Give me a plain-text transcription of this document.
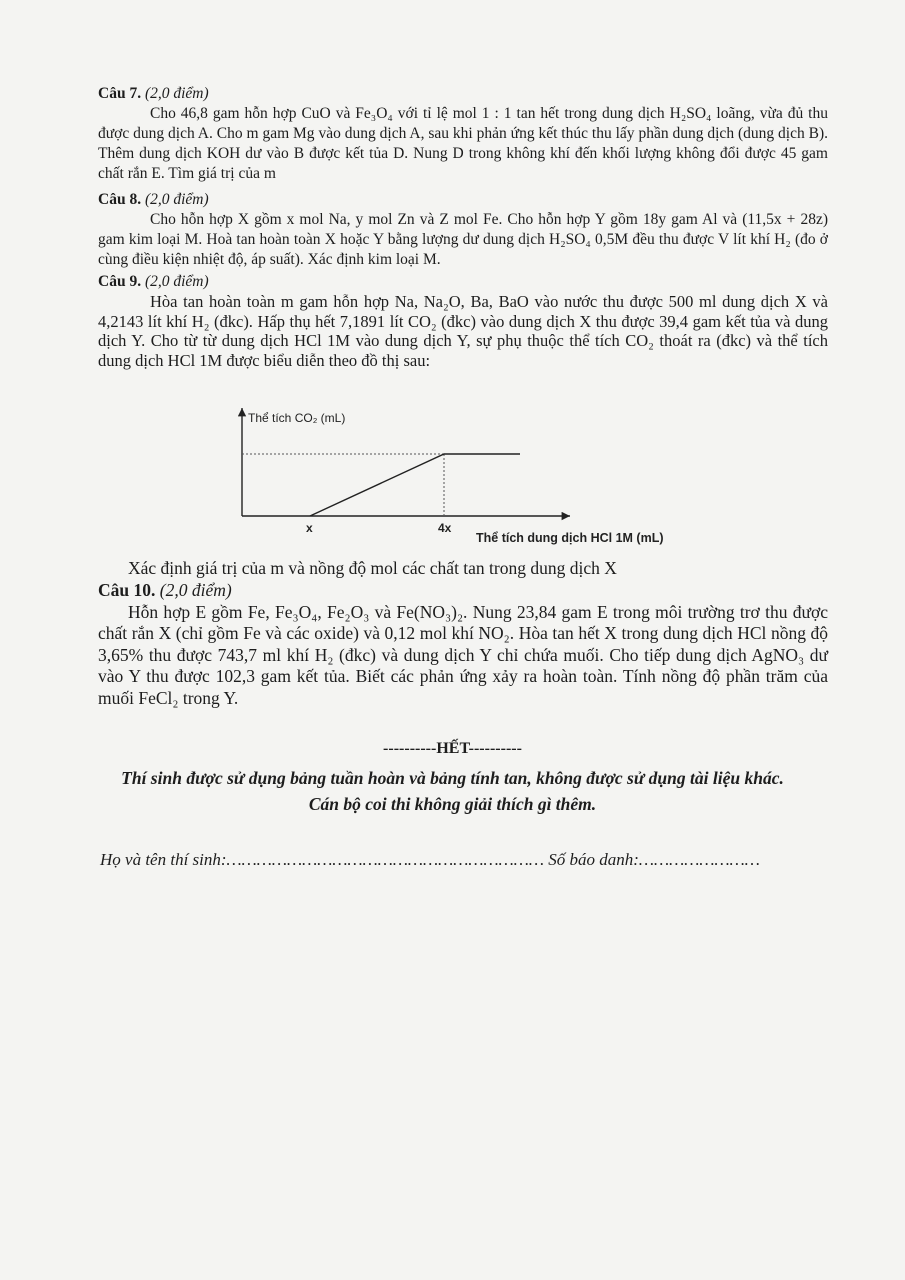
Câu 7. (2,0 điểm)

Cho 46,8 gam hỗn hợp CuO và Fe₃O₄ với tỉ lệ mol 1 : 1 tan hết trong dung dịch H₂SO₄ loãng, vừa đủ thu được dung dịch A. Cho m gam Mg vào dung dịch A, sau khi phản ứng kết thúc thu lấy phần dung dịch (dung dịch B). Thêm dung dịch KOH dư vào B được kết tủa D. Nung D trong không khí đến khối lượng không đổi được 45 gam chất rắn E. Tìm giá trị của m

Câu 8. (2,0 điểm)

Cho hỗn hợp X gồm x mol Na, y mol Zn và Z mol Fe. Cho hỗn hợp Y gồm 18y gam Al và (11,5x + 28z) gam kim loại M. Hoà tan hoàn toàn X hoặc Y bằng lượng dư dung dịch H₂SO₄ 0,5M đều thu được V lít khí H₂ (đo ở cùng điều kiện nhiệt độ, áp suất). Xác định kim loại M.

Câu 9. (2,0 điểm)

Hòa tan hoàn toàn m gam hỗn hợp Na, Na₂O, Ba, BaO vào nước thu được 500 ml dung dịch X và 4,2143 lít khí H₂ (đkc). Hấp thụ hết 7,1891 lít CO₂ (đkc) vào dung dịch X thu được 39,4 gam kết tủa và dung dịch Y. Cho từ từ dung dịch HCl 1M vào dung dịch Y, sự phụ thuộc thể tích CO₂ thoát ra (đkc) và thể tích dung dịch HCl 1M được biểu diễn theo đồ thị sau:

Thể tích CO₂ (mL)
x	4x
Thể tích dung dịch HCl 1M (mL)
Xác định giá trị của m và nồng độ mol các chất tan trong dung dịch X
Câu 10. (2,0 điểm)

Hỗn hợp E gồm Fe, Fe₃O₄, Fe₂O₃ và Fe(NO₃)₂. Nung 23,84 gam E trong môi trường trơ thu được chất rắn X (chỉ gồm Fe và các oxide) và 0,12 mol khí NO₂. Hòa tan hết X trong dung dịch HCl nồng độ 3,65% thu được 743,7 ml khí H₂ (đkc) và dung dịch Y chỉ chứa muối. Cho tiếp dung dịch AgNO₃ dư vào Y thu được 102,3 gam kết tủa. Biết các phản ứng xảy ra hoàn toàn. Tính nồng độ phần trăm của muối FeCl₂ trong Y.

----------HẾT----------
Thí sinh được sử dụng bảng tuần hoàn và bảng tính tan, không được sử dụng tài liệu khác.
Cán bộ coi thi không giải thích gì thêm.
Họ và tên thí sinh:……………………………………………………… Số báo danh:……………………
